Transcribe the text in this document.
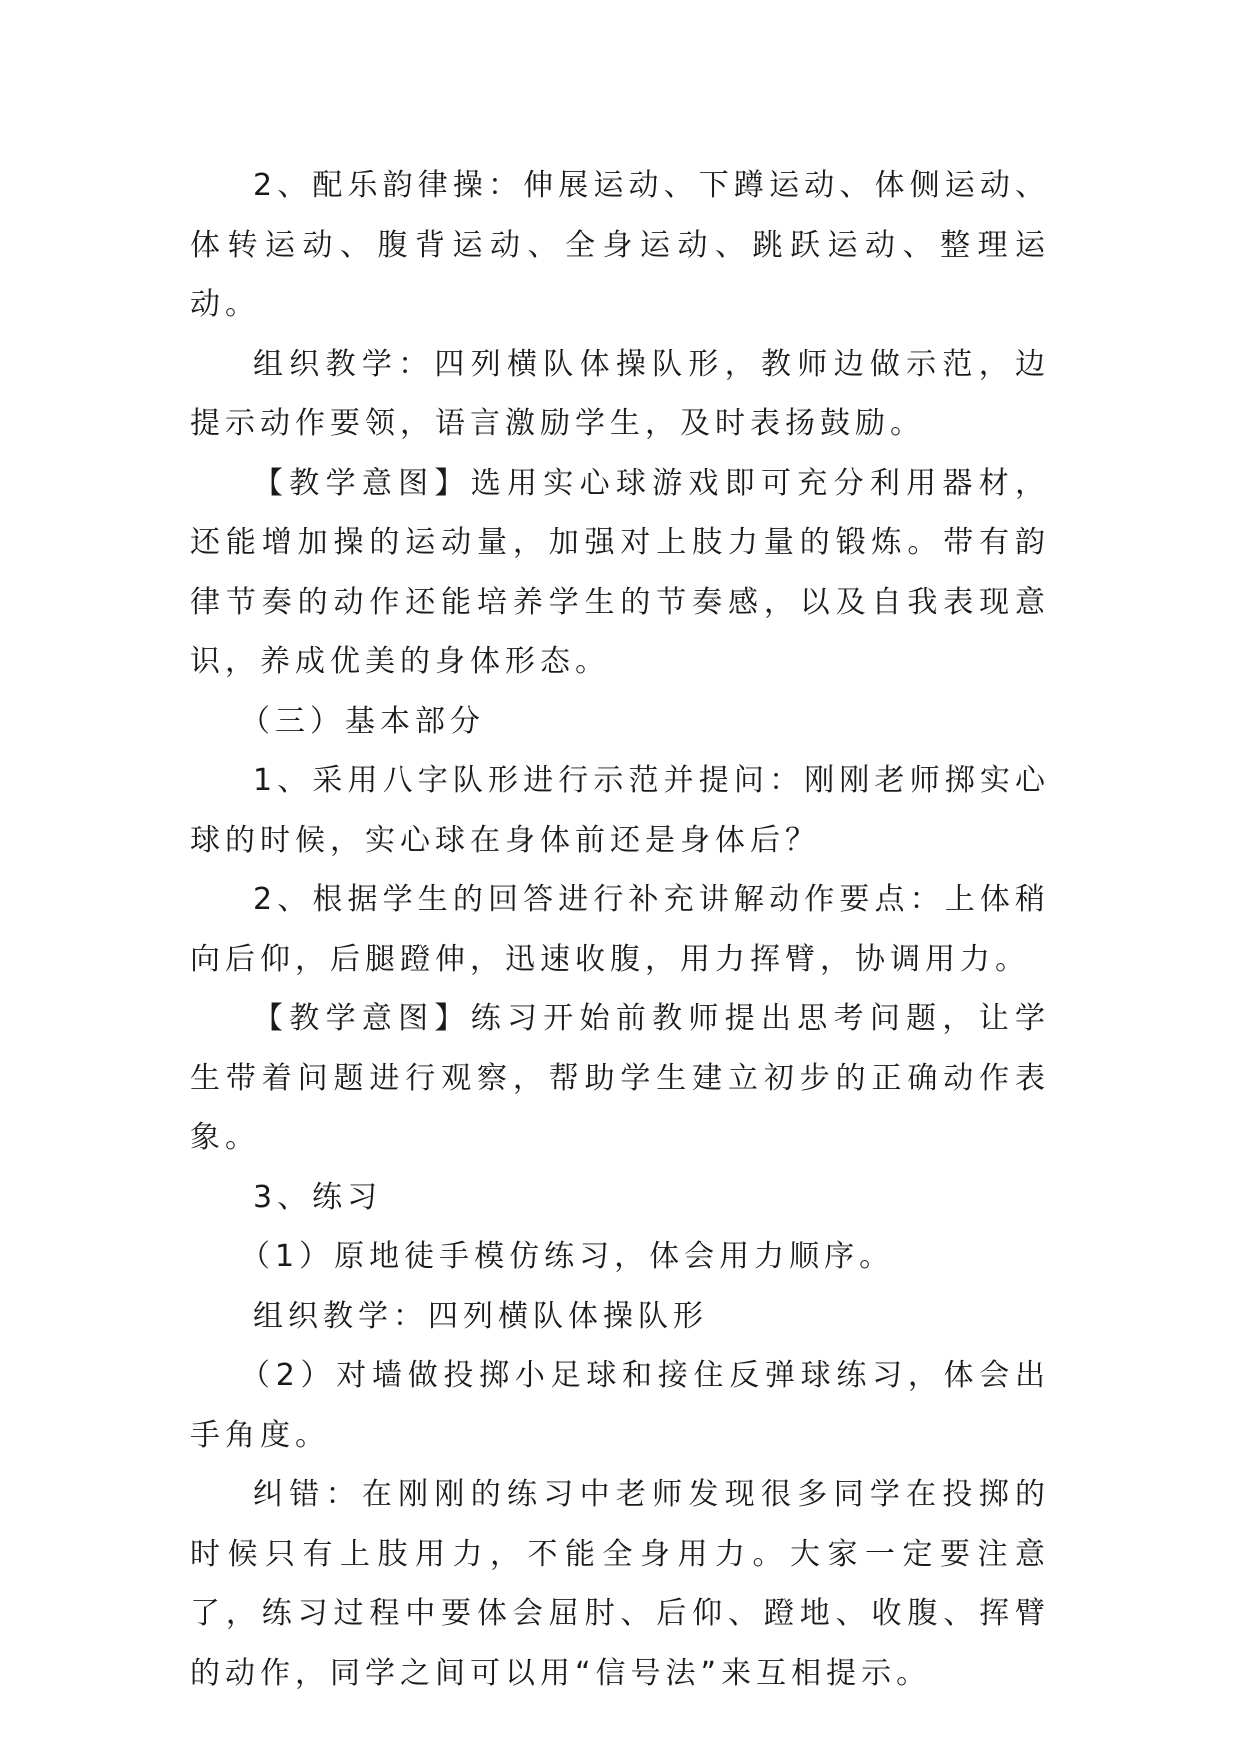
2、配乐韵律操：伸展运动、下蹲运动、体侧运动、体转运动、腹背运动、全身运动、跳跃运动、整理运动。

组织教学：四列横队体操队形，教师边做示范，边提示动作要领，语言激励学生，及时表扬鼓励。

【教学意图】选用实心球游戏即可充分利用器材，还能增加操的运动量，加强对上肢力量的锻炼。带有韵律节奏的动作还能培养学生的节奏感，以及自我表现意识，养成优美的身体形态。

（三）基本部分

1、采用八字队形进行示范并提问：刚刚老师掷实心球的时候，实心球在身体前还是身体后？

2、根据学生的回答进行补充讲解动作要点：上体稍向后仰，后腿蹬伸，迅速收腹，用力挥臂，协调用力。

【教学意图】练习开始前教师提出思考问题，让学生带着问题进行观察，帮助学生建立初步的正确动作表象。

3、练习

（1）原地徒手模仿练习，体会用力顺序。

组织教学：四列横队体操队形

（2）对墙做投掷小足球和接住反弹球练习，体会出手角度。

纠错：在刚刚的练习中老师发现很多同学在投掷的时候只有上肢用力，不能全身用力。大家一定要注意了，练习过程中要体会屈肘、后仰、蹬地、收腹、挥臂的动作，同学之间可以用“信号法”来互相提示。
